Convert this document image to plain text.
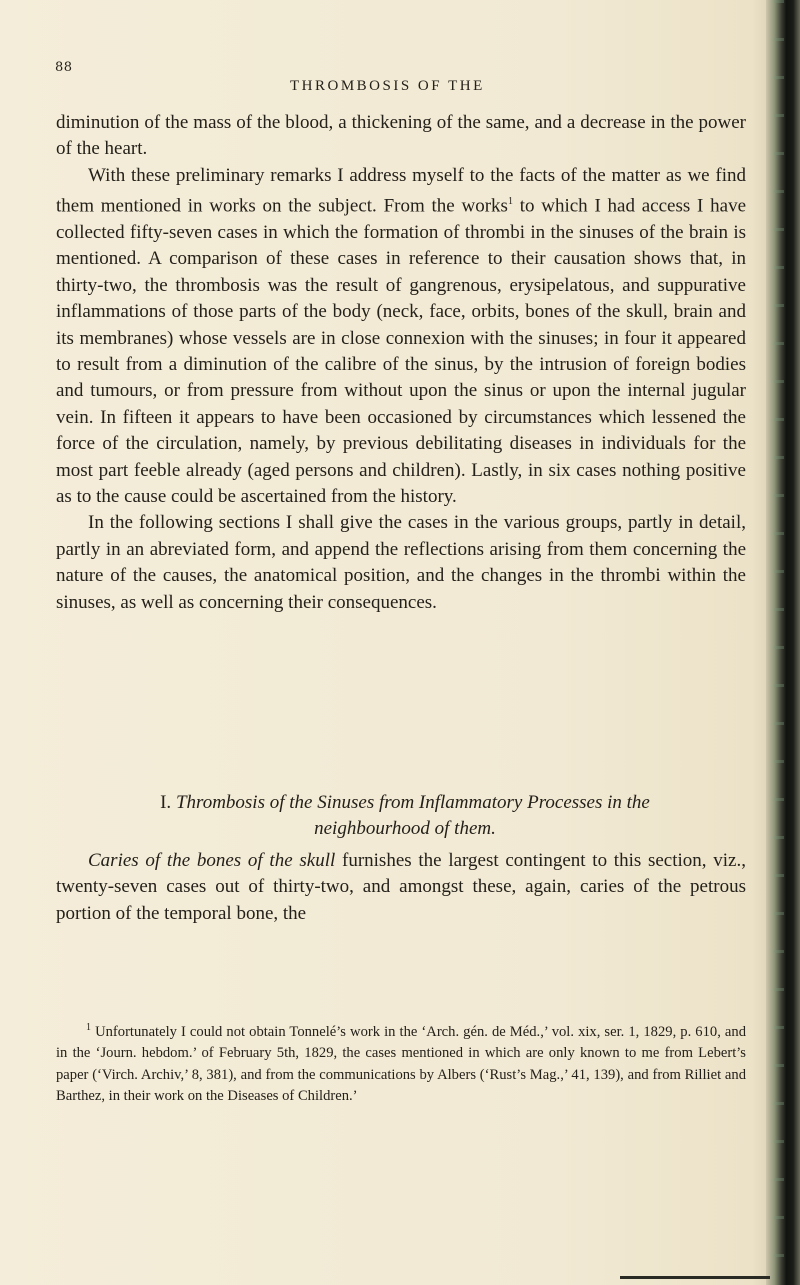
88
THROMBOSIS OF THE

diminution of the mass of the blood, a thickening of the same, and a decrease in the power of the heart.

With these preliminary remarks I address myself to the facts of the matter as we find them mentioned in works on the subject. From the works$^1$ to which I had access I have collected fifty-seven cases in which the formation of thrombi in the sinuses of the brain is mentioned. A comparison of these cases in reference to their causation shows that, in thirty-two, the thrombosis was the result of gangrenous, erysipelatous, and suppurative inflammations of those parts of the body (neck, face, orbits, bones of the skull, brain and its membranes) whose vessels are in close connexion with the sinuses; in four it appeared to result from a diminution of the calibre of the sinus, by the intrusion of foreign bodies and tumours, or from pressure from without upon the sinus or upon the internal jugular vein. In fifteen it appears to have been occasioned by circumstances which lessened the force of the circulation, namely, by previous debilitating diseases in individuals for the most part feeble already (aged persons and children). Lastly, in six cases nothing positive as to the cause could be ascertained from the history.

In the following sections I shall give the cases in the various groups, partly in detail, partly in an abreviated form, and append the reflections arising from them concerning the nature of the causes, the anatomical position, and the changes in the thrombi within the sinuses, as well as concerning their consequences.

I. Thrombosis of the Sinuses from Inflammatory Processes in the
neighbourhood of them.
Caries of the bones of the skull furnishes the largest contingent to this section, viz., twenty-seven cases out of thirty-two, and amongst these, again, caries of the petrous portion of the temporal bone, the
$^1$ Unfortunately I could not obtain Tonnelé’s work in the ‘Arch. gén. de Méd.,’ vol. xix, ser. 1, 1829, p. 610, and in the ‘Journ. hebdom.’ of February 5th, 1829, the cases mentioned in which are only known to me from Lebert’s paper (‘Virch. Archiv,’ 8, 381), and from the communications by Albers (‘Rust’s Mag.,’ 41, 139), and from Rilliet and Barthez, in their work on the Diseases of Children.’
